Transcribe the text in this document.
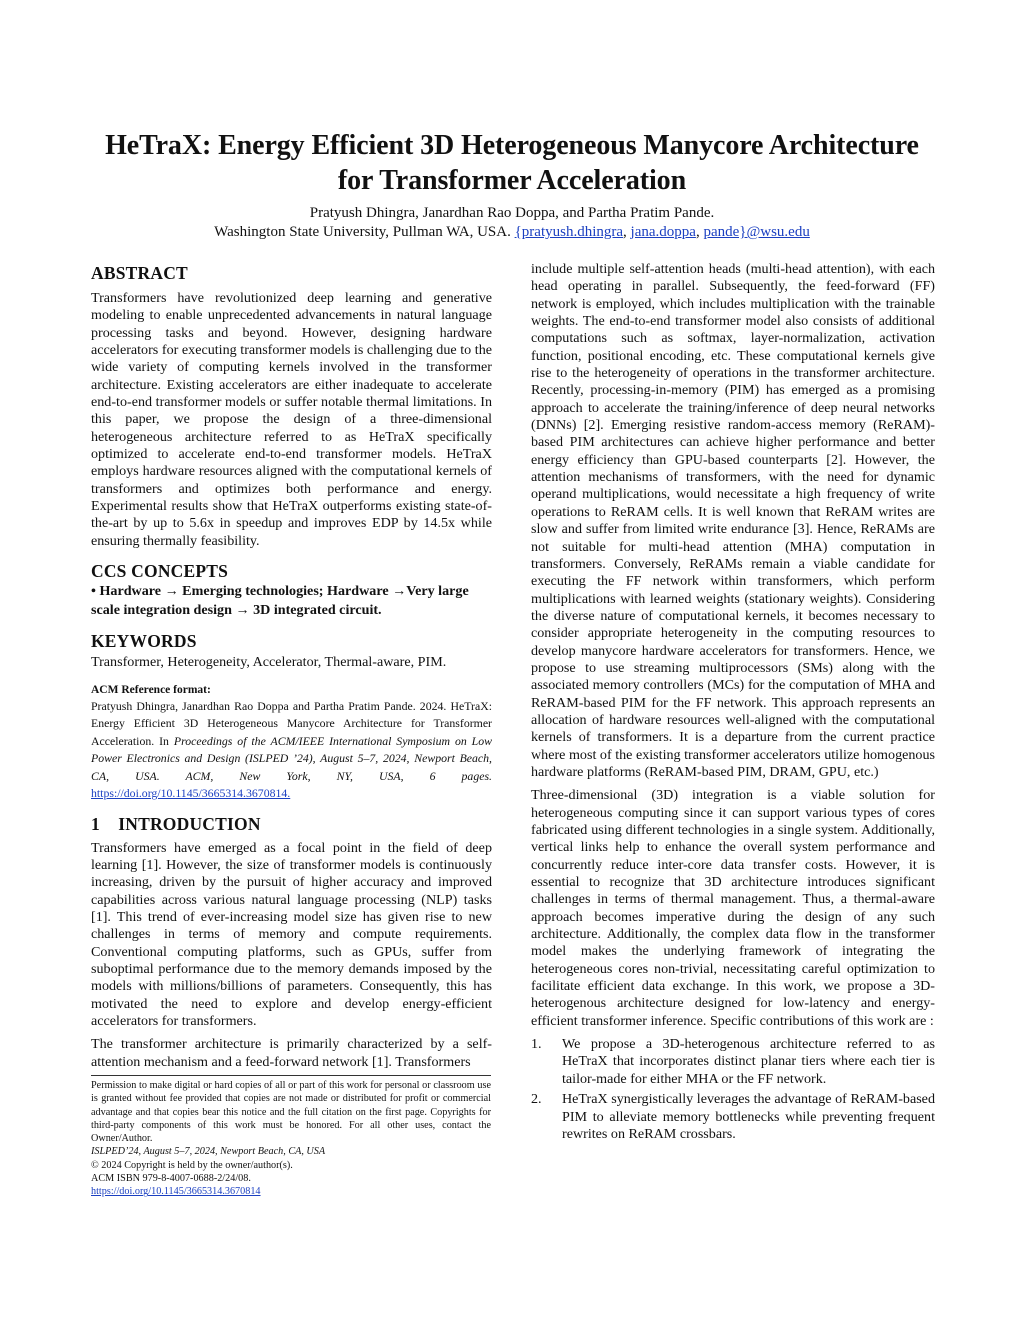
HeTraX: Energy Efficient 3D Heterogeneous Manycore Architecture for Transformer Acceleration
Pratyush Dhingra, Janardhan Rao Doppa, and Partha Pratim Pande.
Washington State University, Pullman WA, USA. {pratyush.dhingra, jana.doppa, pande}@wsu.edu
ABSTRACT

Transformers have revolutionized deep learning and generative modeling to enable unprecedented advancements in natural language processing tasks and beyond. However, designing hardware accelerators for executing transformer models is challenging due to the wide variety of computing kernels involved in the transformer architecture. Existing accelerators are either inadequate to accelerate end-to-end transformer models or suffer notable thermal limitations. In this paper, we propose the design of a three-dimensional heterogeneous architecture referred to as HeTraX specifically optimized to accelerate end-to-end transformer models. HeTraX employs hardware resources aligned with the computational kernels of transformers and optimizes both performance and energy. Experimental results show that HeTraX outperforms existing state-of-the-art by up to 5.6x in speedup and improves EDP by 14.5x while ensuring thermally feasibility.

CCS CONCEPTS

• Hardware → Emerging technologies; Hardware →Very large scale integration design → 3D integrated circuit.

KEYWORDS

Transformer, Heterogeneity, Accelerator, Thermal-aware, PIM.

ACM Reference format:

Pratyush Dhingra, Janardhan Rao Doppa and Partha Pratim Pande. 2024. HeTraX: Energy Efficient 3D Heterogeneous Manycore Architecture for Transformer Acceleration. In Proceedings of the ACM/IEEE International Symposium on Low Power Electronics and Design (ISLPED ’24), August 5–7, 2024, Newport Beach, CA, USA. ACM, New York, NY, USA, 6 pages. https://doi.org/10.1145/3665314.3670814.

1    INTRODUCTION

Transformers have emerged as a focal point in the field of deep learning [1]. However, the size of transformer models is continuously increasing, driven by the pursuit of higher accuracy and improved capabilities across various natural language processing (NLP) tasks [1]. This trend of ever-increasing model size has given rise to new challenges in terms of memory and compute requirements. Conventional computing platforms, such as GPUs, suffer from suboptimal performance due to the memory demands imposed by the models with millions/billions of parameters. Consequently, this has motivated the need to explore and develop energy-efficient accelerators for transformers.

The transformer architecture is primarily characterized by a self-attention mechanism and a feed-forward network [1]. Transformers

Permission to make digital or hard copies of all or part of this work for personal or classroom use is granted without fee provided that copies are not made or distributed for profit or commercial advantage and that copies bear this notice and the full citation on the first page. Copyrights for third-party components of this work must be honored. For all other uses, contact the Owner/Author.

ISLPED’24, August 5–7, 2024, Newport Beach, CA, USA

© 2024 Copyright is held by the owner/author(s).

ACM ISBN 979-8-4007-0688-2/24/08.

https://doi.org/10.1145/3665314.3670814

include multiple self-attention heads (multi-head attention), with each head operating in parallel. Subsequently, the feed-forward (FF) network is employed, which includes multiplication with the trainable weights. The end-to-end transformer model also consists of additional computations such as softmax, layer-normalization, activation function, positional encoding, etc. These computational kernels give rise to the heterogeneity of operations in the transformer architecture. Recently, processing-in-memory (PIM) has emerged as a promising approach to accelerate the training/inference of deep neural networks (DNNs) [2]. Emerging resistive random-access memory (ReRAM)-based PIM architectures can achieve higher performance and better energy efficiency than GPU-based counterparts [2]. However, the attention mechanisms of transformers, with the need for dynamic operand multiplications, would necessitate a high frequency of write operations to ReRAM cells. It is well known that ReRAM writes are slow and suffer from limited write endurance [3]. Hence, ReRAMs are not suitable for multi-head attention (MHA) computation in transformers. Conversely, ReRAMs remain a viable candidate for executing the FF network within transformers, which perform multiplications with learned weights (stationary weights). Considering the diverse nature of computational kernels, it becomes necessary to consider appropriate heterogeneity in the computing resources to develop manycore hardware accelerators for transformers. Hence, we propose to use streaming multiprocessors (SMs) along with the associated memory controllers (MCs) for the computation of MHA and ReRAM-based PIM for the FF network. This approach represents an allocation of hardware resources well-aligned with the computational kernels of transformers. It is a departure from the current practice where most of the existing transformer accelerators utilize homogenous hardware platforms (ReRAM-based PIM, DRAM, GPU, etc.)

Three-dimensional (3D) integration is a viable solution for heterogeneous computing since it can support various types of cores fabricated using different technologies in a single system. Additionally, vertical links help to enhance the overall system performance and concurrently reduce inter-core data transfer costs. However, it is essential to recognize that 3D architecture introduces significant challenges in terms of thermal management. Thus, a thermal-aware approach becomes imperative during the design of any such architecture. Additionally, the complex data flow in the transformer model makes the underlying framework of integrating the heterogeneous cores non-trivial, necessitating careful optimization to facilitate efficient data exchange. In this work, we propose a 3D-heterogenous architecture designed for low-latency and energy-efficient transformer inference. Specific contributions of this work are :

1. We propose a 3D-heterogenous architecture referred to as HeTraX that incorporates distinct planar tiers where each tier is tailor-made for either MHA or the FF network.
2. HeTraX synergistically leverages the advantage of ReRAM-based PIM to alleviate memory bottlenecks while preventing frequent rewrites on ReRAM crossbars.
